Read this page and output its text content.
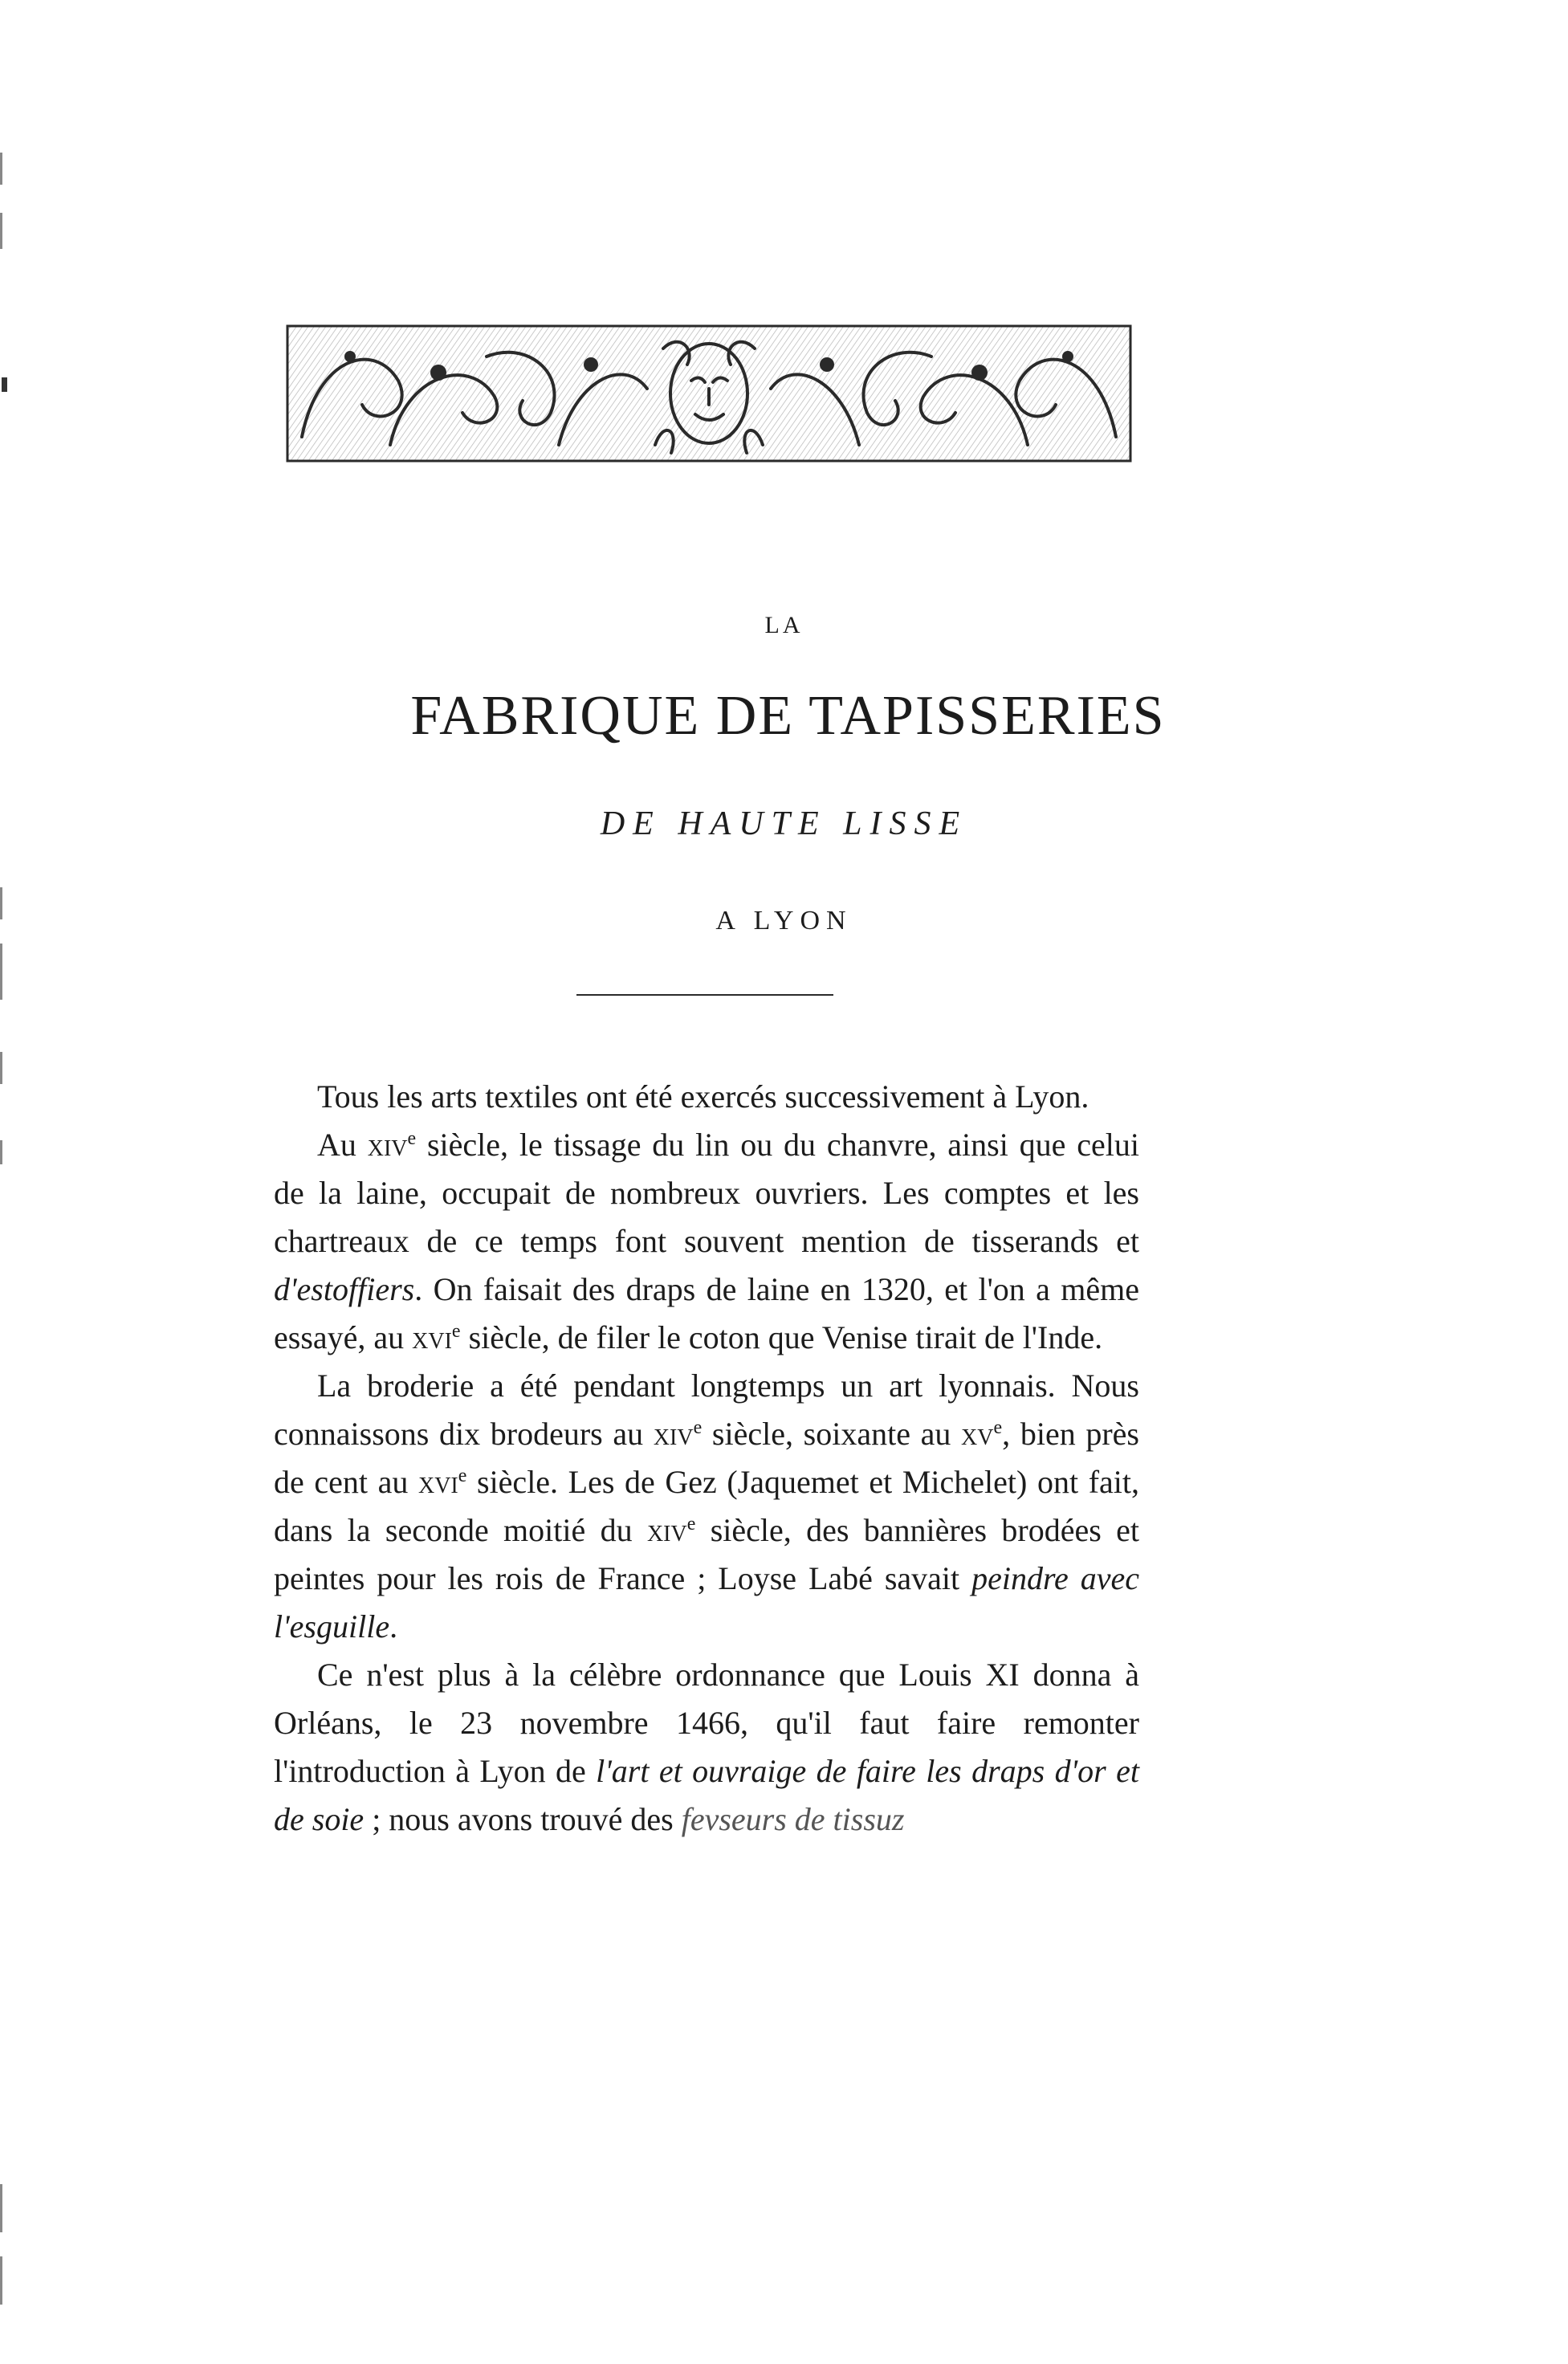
LA
FABRIQUE DE TAPISSERIES
DE HAUTE LISSE
A LYON

Tous les arts textiles ont été exercés successivement à Lyon.

Au xiv$^e$ siècle, le tissage du lin ou du chanvre, ainsi que celui de la laine, occupait de nombreux ouvriers. Les comptes et les chartreaux de ce temps font souvent mention de tisserands et d'estoffiers. On faisait des draps de laine en 1320, et l'on a même essayé, au xvi$^e$ siècle, de filer le coton que Venise tirait de l'Inde.

La broderie a été pendant longtemps un art lyonnais. Nous connaissons dix brodeurs au xiv$^e$ siècle, soixante au $xv^e$, bien près de cent au xvi$^e$ siècle. Les de Gez (Jaquemet et Michelet) ont fait, dans la seconde moitié du xiv$^e$ siècle, des bannières brodées et peintes pour les rois de France ; Loyse Labé savait peindre avec l'esguille.

Ce n'est plus à la célèbre ordonnance que Louis XI donna à Orléans, le 23 novembre 1466, qu'il faut faire remonter l'introduction à Lyon de l'art et ouvraige de faire les draps d'or et de soie ; nous avons trouvé des fevseurs de tissuz
